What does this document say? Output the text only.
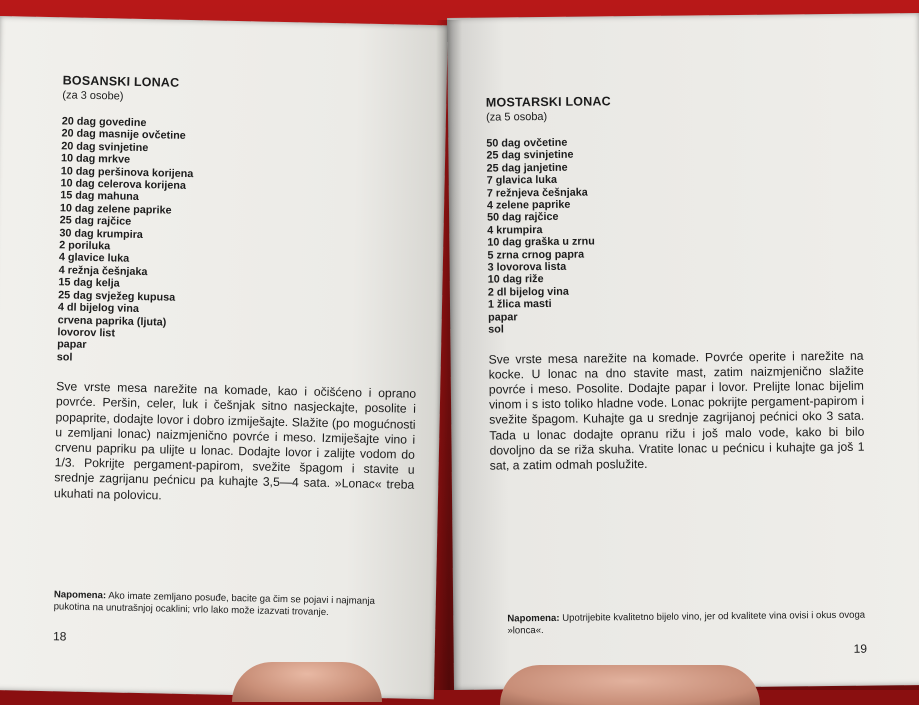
BOSANSKI LONAC
(za 3 osobe)
20 dag govedine
20 dag masnije ovčetine
20 dag svinjetine
10 dag mrkve
10 dag peršinova korijena
10 dag celerova korijena
15 dag mahuna
10 dag zelene paprike
25 dag rajčice
30 dag krumpira
2 poriluka
4 glavice luka
4 režnja češnjaka
15 dag kelja
25 dag svježeg kupusa
4 dl bijelog vina
crvena paprika (ljuta)
lovorov list
papar
sol
Sve vrste mesa narežite na komade, kao i očišćeno i oprano povrće. Peršin, celer, luk i češnjak sitno nasjeckajte, posolite i popaprite, dodajte lovor i dobro izmiješajte. Slažite (po mogućnosti u zemljani lonac) naizmjenično povrće i meso. Izmiješajte vino i crvenu papriku pa ulijte u lonac. Dodajte lovor i zalijte vodom do 1/3. Pokrijte pergament-papirom, svežite špagom i stavite u srednje zagrijanu pećnicu pa kuhajte 3,5—4 sata. »Lonac« treba ukuhati na polovicu.
Napomena: Ako imate zemljano posuđe, bacite ga čim se pojavi i najmanja pukotina na unutrašnjoj ocaklini; vrlo lako može izazvati trovanje.
18
MOSTARSKI LONAC
(za 5 osoba)
50 dag ovčetine
25 dag svinjetine
25 dag janjetine
7 glavica luka
7 režnjeva češnjaka
4 zelene paprike
50 dag rajčice
4 krumpira
10 dag graška u zrnu
5 zrna crnog papra
3 lovorova lista
10 dag riže
2 dl bijelog vina
1 žlica masti
papar
sol
Sve vrste mesa narežite na komade. Povrće operite i narežite na kocke. U lonac na dno stavite mast, zatim naizmjenično slažite povrće i meso. Posolite. Dodajte papar i lovor. Prelijte lonac bijelim vinom i s isto toliko hladne vode. Lonac pokrijte pergament-papirom i svežite špagom. Kuhajte ga u srednje zagrijanoj pećnici oko 3 sata. Tada u lonac dodajte opranu rižu i još malo vode, kako bi bilo dovoljno da se riža skuha. Vratite lonac u pećnicu i kuhajte ga još 1 sat, a zatim odmah poslužite.
Napomena: Upotrijebite kvalitetno bijelo vino, jer od kvalitete vina ovisi i okus ovoga »lonca«.
19
